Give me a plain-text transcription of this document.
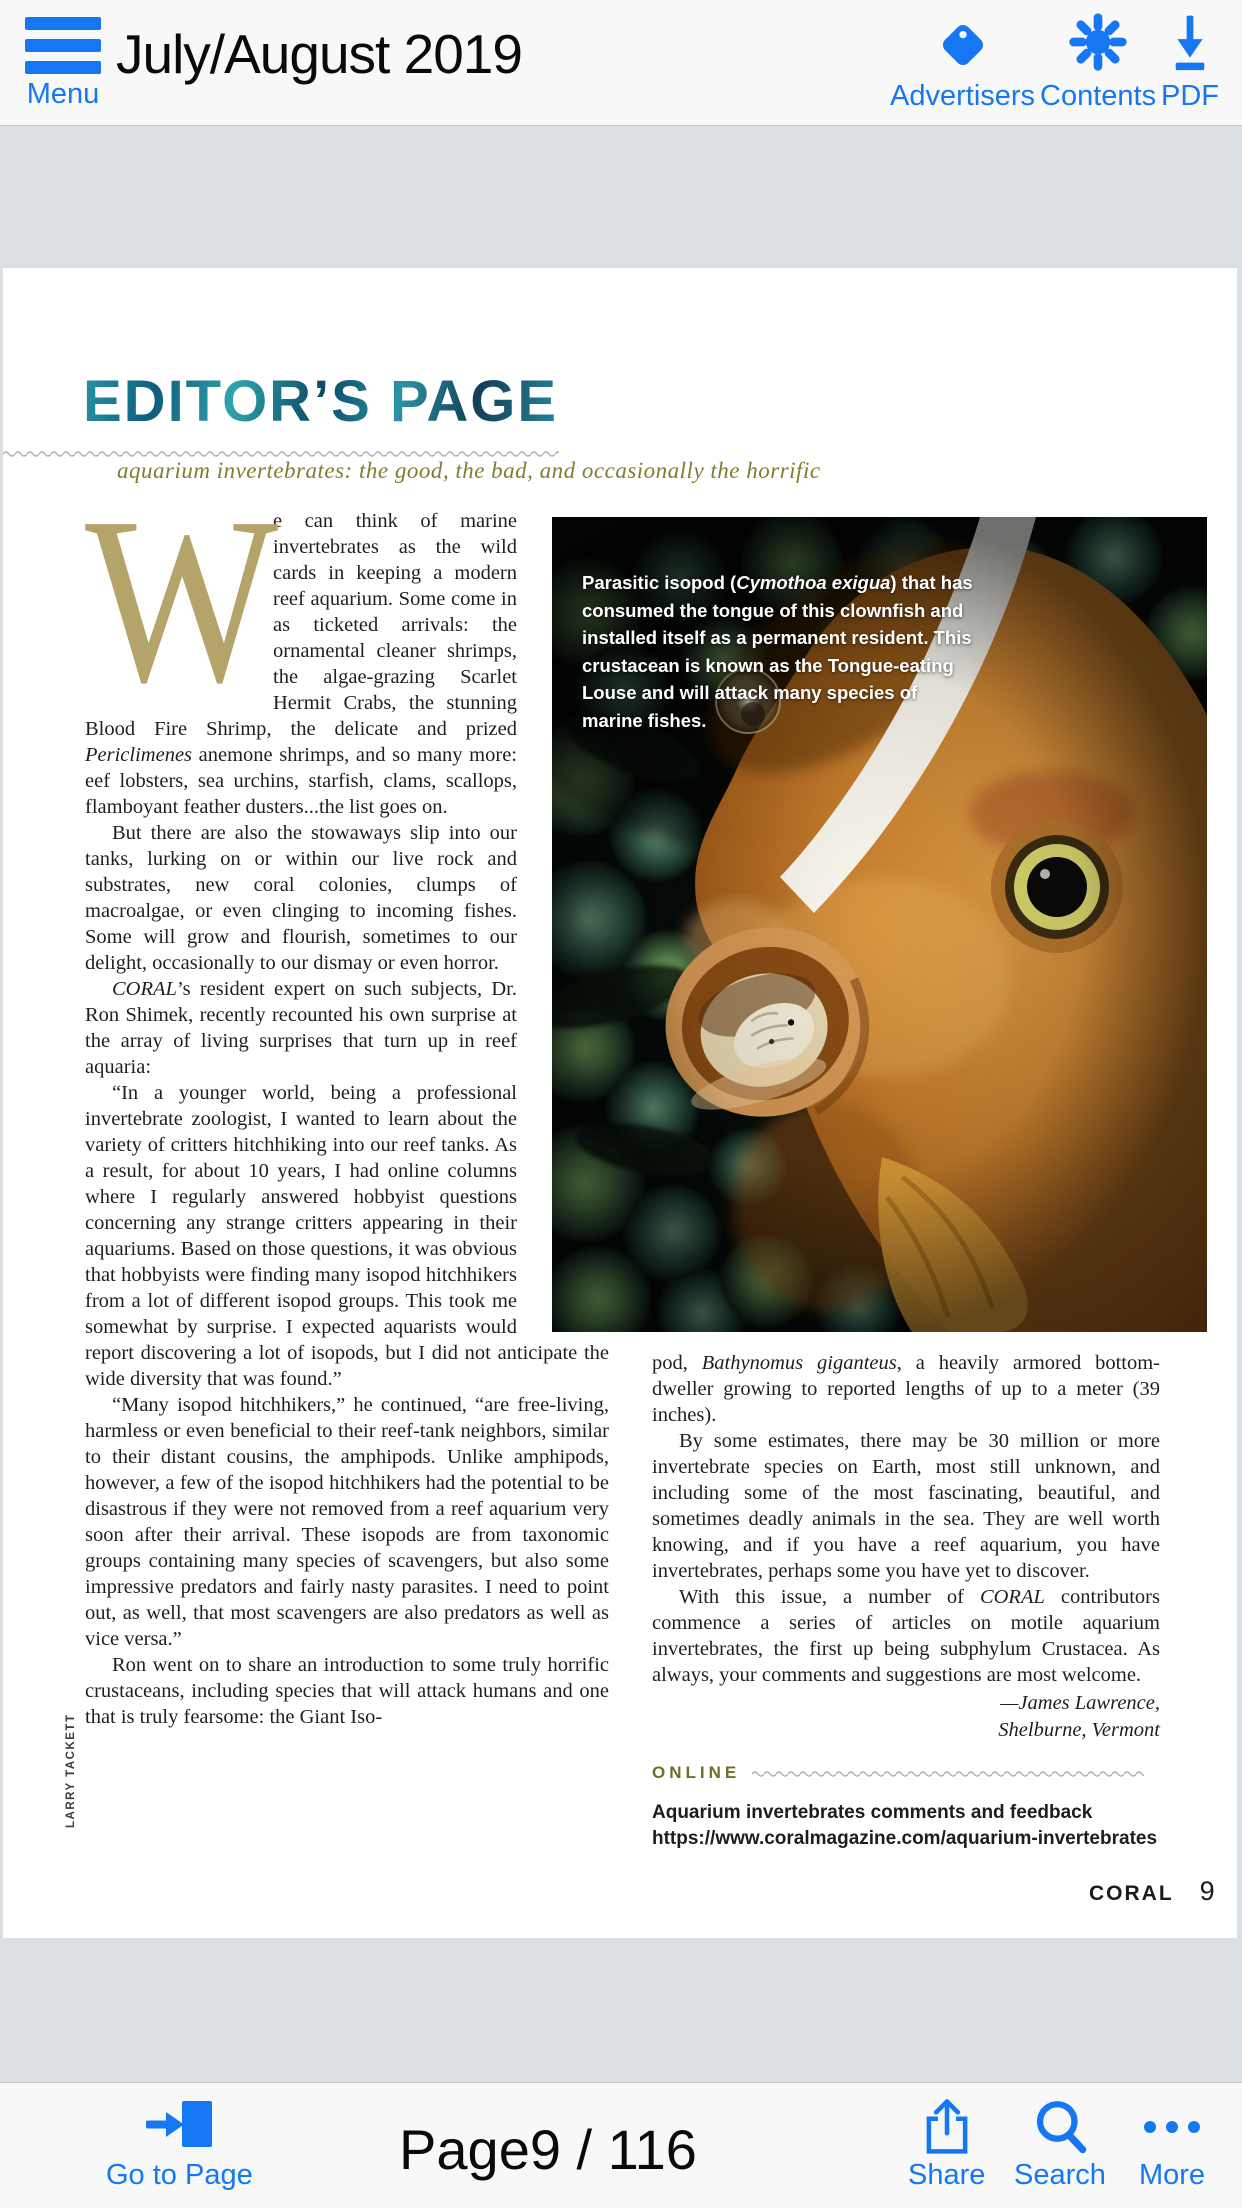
Menu
July/August 2019
Advertisers Contents PDF
EDITOR’S PAGE
aquarium invertebrates: the good, the bad, and occasionally the horrific
W

e can think of marine invertebrates as the wild cards in keeping a modern reef aquarium. Some come in as ticketed arrivals: the ornamental cleaner shrimps, the algae-grazing Scarlet Hermit Crabs, the stunning Blood Fire Shrimp, the delicate and prized Periclimenes anemone shrimps, and so many more: eef lobsters, sea urchins, starfish, clams, scallops, flamboyant feather dusters...the list goes on.

But there are also the stowaways slip into our tanks, lurking on or within our live rock and substrates, new coral colonies, clumps of macroalgae, or even clinging to incoming fishes. Some will grow and flourish, sometimes to our delight, occasionally to our dismay or even horror.

CORAL’s resident expert on such subjects, Dr. Ron Shimek, recently recounted his own surprise at the array of living surprises that turn up in reef aquaria:

“In a younger world, being a professional invertebrate zoologist, I wanted to learn about the variety of critters hitchhiking into our reef tanks. As a result, for about 10 years, I had online columns where I regularly answered hobbyist questions concerning any strange critters appearing in their aquariums. Based on those questions, it was obvious that hobbyists were finding many isopod hitchhikers from a lot of different isopod groups. This took me somewhat by surprise. I expected aquarists would report discovering a lot of isopods, but I did not anticipate the wide diversity that was found.”

“Many isopod hitchhikers,” he continued, “are free-living, harmless or even beneficial to their reef-tank neighbors, similar to their distant cousins, the amphipods. Unlike amphipods, however, a few of the isopod hitchhikers had the potential to be disastrous if they were not removed from a reef aquarium very soon after their arrival. These isopods are from taxonomic groups containing many species of scavengers, but also some impressive predators and fairly nasty parasites. I need to point out, as well, that most scavengers are also predators as well as vice versa.”

Ron went on to share an introduction to some truly horrific crustaceans, including species that will attack humans and one that is truly fearsome: the Giant Iso-

pod, Bathynomus giganteus, a heavily armored bottom-dweller growing to reported lengths of up to a meter (39 inches).

By some estimates, there may be 30 million or more invertebrate species on Earth, most still unknown, and including some of the most fascinating, beautiful, and sometimes deadly animals in the sea. They are well worth knowing, and if you have a reef aquarium, you have invertebrates, perhaps some you have yet to discover.

With this issue, a number of CORAL contributors commence a series of articles on motile aquarium invertebrates, the first up being subphylum Crustacea. As always, your comments and suggestions are most welcome.

—James Lawrence,
Shelburne, Vermont
ONLINE
Aquarium invertebrates comments and feedback
https://www.coralmagazine.com/aquarium-invertebrates
Parasitic isopod (Cymothoa exigua) that has consumed the tongue of this clownfish and installed itself as a permanent resident. This crustacean is known as the Tongue-eating Louse and will attack many species of marine fishes.
LARRY TACKETT
CORAL 9
Go to Page	Page9 / 116	Share Search More
